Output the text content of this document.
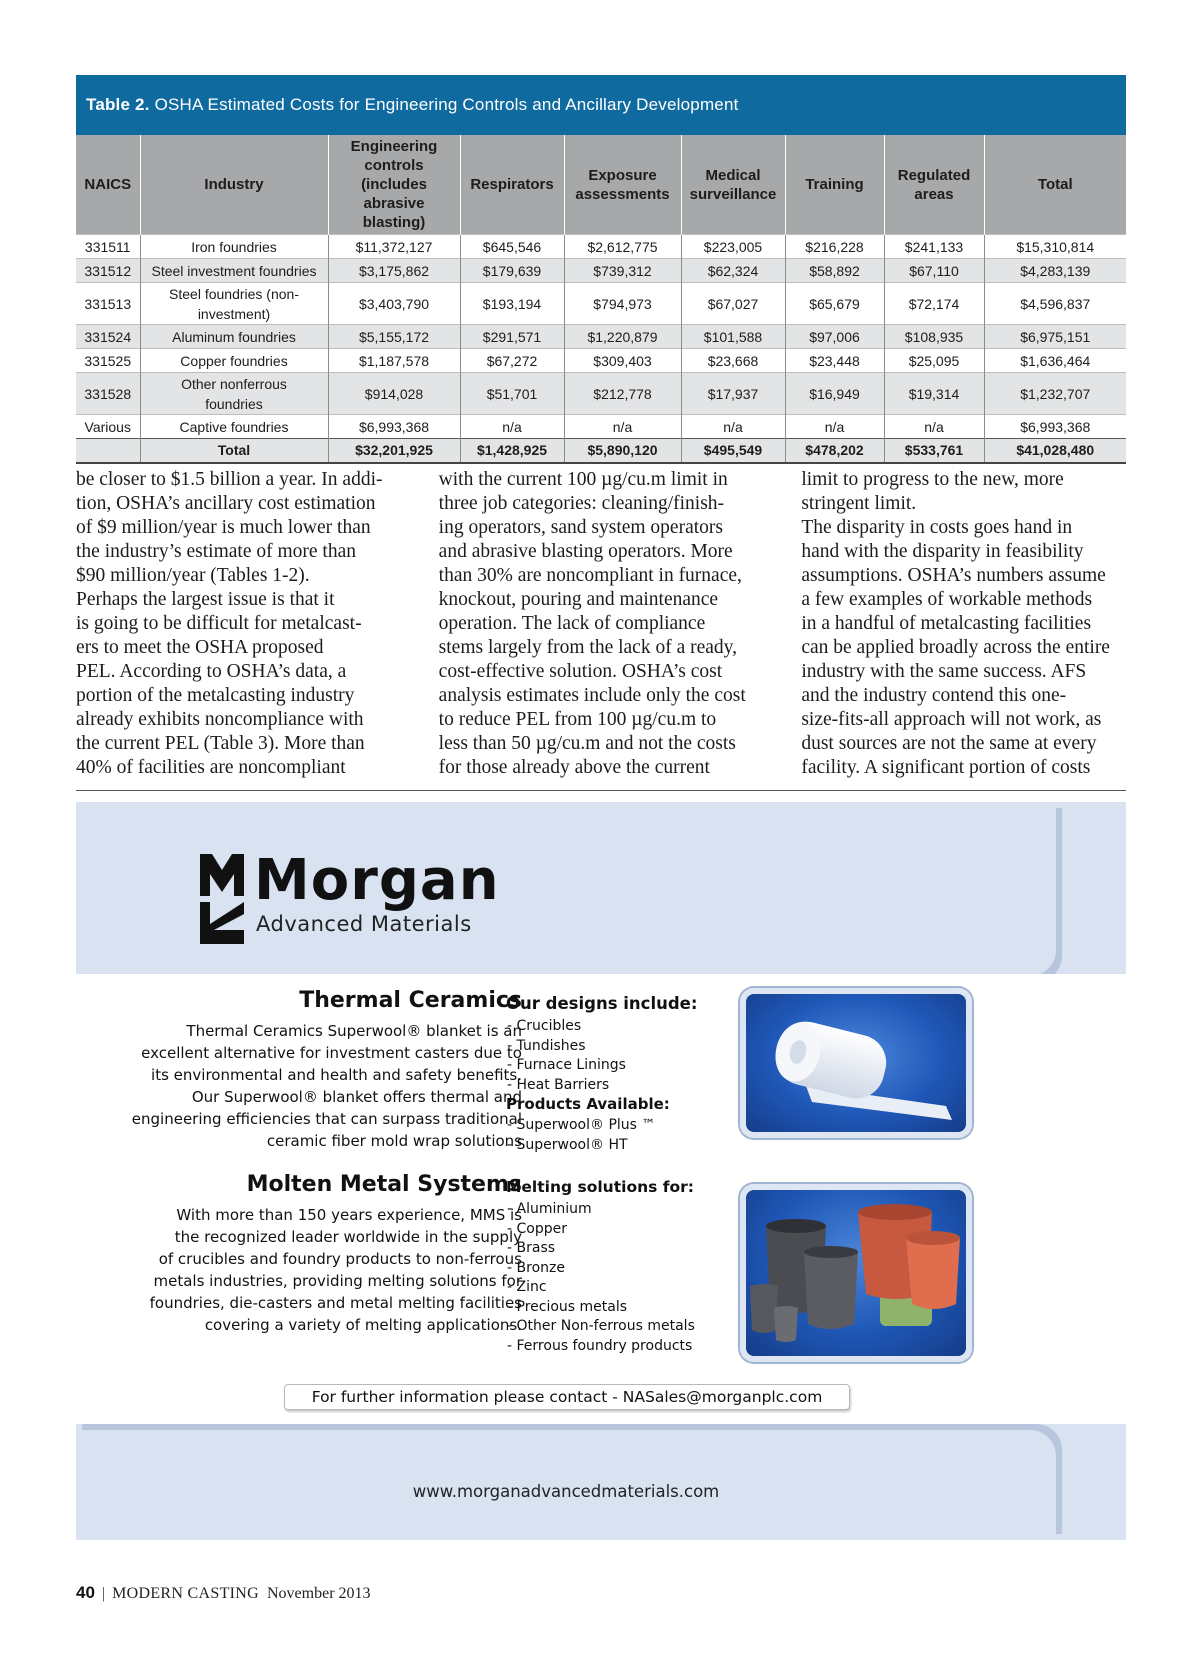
Table 2. OSHA Estimated Costs for Engineering Controls and Ancillary Development
NAICS	Industry	Engineering controls (includes abrasive blasting)	Respirators	Exposure assessments	Medical surveillance	Training	Regulated areas	Total
331511	Iron foundries	$11,372,127	$645,546	$2,612,775	$223,005	$216,228	$241,133	$15,310,814
331512	Steel investment foundries	$3,175,862	$179,639	$739,312	$62,324	$58,892	$67,110	$4,283,139
331513	Steel foundries (non-investment)	$3,403,790	$193,194	$794,973	$67,027	$65,679	$72,174	$4,596,837
331524	Aluminum foundries	$5,155,172	$291,571	$1,220,879	$101,588	$97,006	$108,935	$6,975,151
331525	Copper foundries	$1,187,578	$67,272	$309,403	$23,668	$23,448	$25,095	$1,636,464
331528	Other nonferrous foundries	$914,028	$51,701	$212,778	$17,937	$16,949	$19,314	$1,232,707
Various	Captive foundries	$6,993,368	n/a	n/a	n/a	n/a	n/a	$6,993,368
	Total	$32,201,925	$1,428,925	$5,890,120	$495,549	$478,202	$533,761	$41,028,480
be closer to $1.5 billion a year. In addi-
tion, OSHA’s ancillary cost estimation
of $9 million/year is much lower than
the industry’s estimate of more than
$90 million/year (Tables 1-2).
Perhaps the largest issue is that it
is going to be difficult for metalcast-
ers to meet the OSHA proposed
PEL. According to OSHA’s data, a
portion of the metalcasting industry
already exhibits noncompliance with
the current PEL (Table 3). More than
40% of facilities are noncompliant
with the current 100 µg/cu.m limit in
three job categories: cleaning/finish-
ing operators, sand system operators
and abrasive blasting operators. More
than 30% are noncompliant in furnace,
knockout, pouring and maintenance
operation. The lack of compliance
stems largely from the lack of a ready,
cost-effective solution. OSHA’s cost
analysis estimates include only the cost
to reduce PEL from 100 µg/cu.m to
less than 50 µg/cu.m and not the costs
for those already above the current
limit to progress to the new, more
stringent limit.
The disparity in costs goes hand in
hand with the disparity in feasibility
assumptions. OSHA’s numbers assume
a few examples of workable methods
in a handful of metalcasting facilities
can be applied broadly across the entire
industry with the same success. AFS
and the industry contend this one-
size-fits-all approach will not work, as
dust sources are not the same at every
facility. A significant portion of costs
Morgan
Advanced Materials
Thermal Ceramics
Thermal Ceramics Superwool® blanket is an
excellent alternative for investment casters due to
its environmental and health and safety benefits.
Our Superwool® blanket offers thermal and
engineering efficiencies that can surpass traditional
ceramic fiber mold wrap solutions
Our designs include:
- Crucibles
- Tundishes
- Furnace Linings
- Heat Barriers
Products Available:
- Superwool® Plus ™
- Superwool® HT
Molten Metal Systems
With more than 150 years experience, MMS is
the recognized leader worldwide in the supply
of crucibles and foundry products to non-ferrous
metals industries, providing melting solutions for
foundries, die-casters and metal melting facilities
covering a variety of melting applications.
Melting solutions for:
- Aluminium
- Copper
- Brass
- Bronze
- Zinc
- Precious metals
- Other Non-ferrous metals
- Ferrous foundry products
For further information please contact - NASales@morganplc.com
www.morganadvancedmaterials.com
40 | MODERN CASTING November 2013
